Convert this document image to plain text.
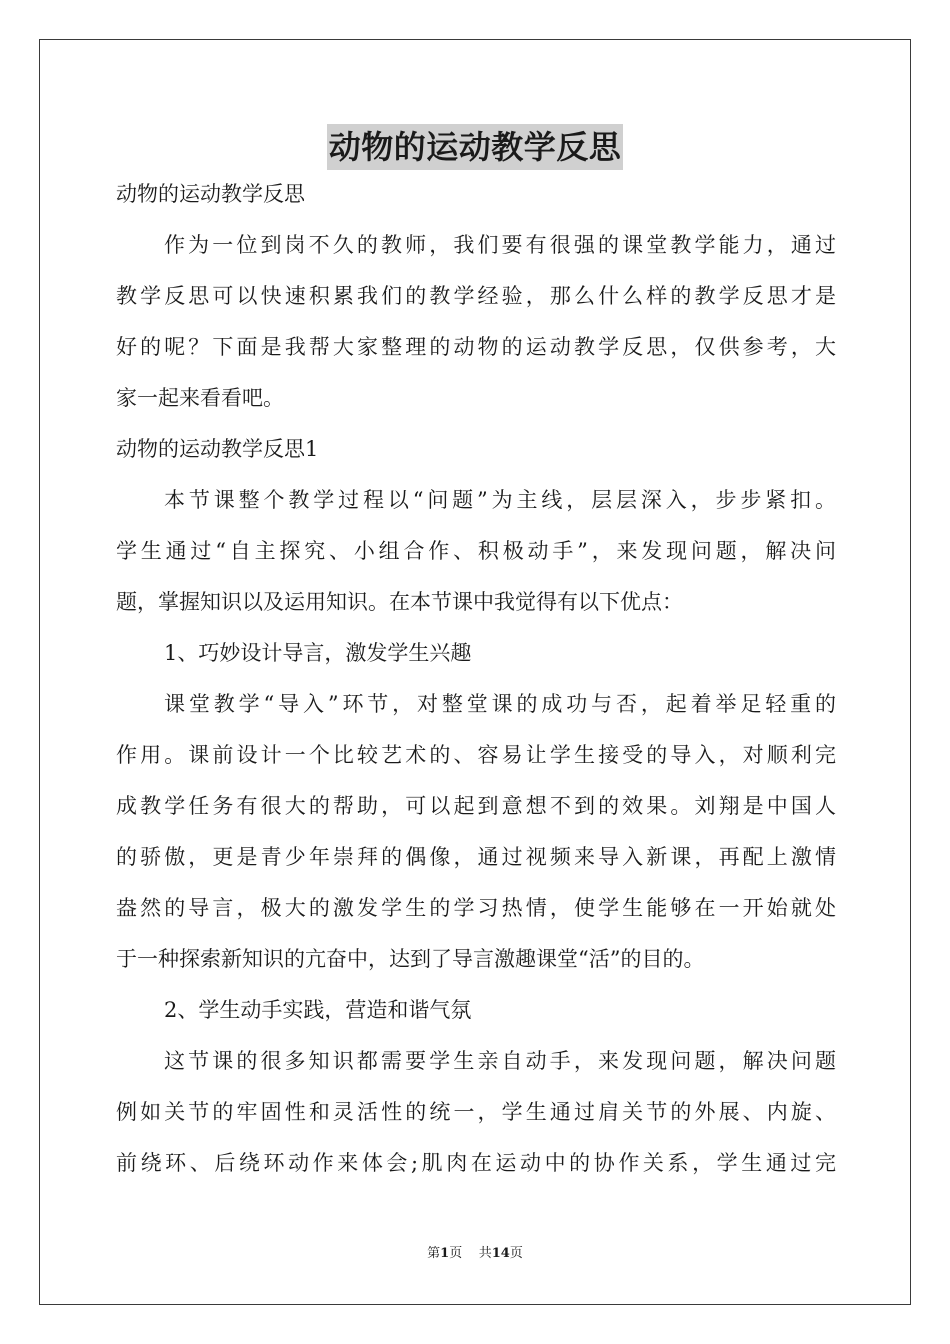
动物的运动教学反思
动物的运动教学反思
作为一位到岗不久的教师，我们要有很强的课堂教学能力，通过
教学反思可以快速积累我们的教学经验，那么什么样的教学反思才是
好的呢？下面是我帮大家整理的动物的运动教学反思，仅供参考，大
家一起来看看吧。
动物的运动教学反思1
本节课整个教学过程以“问题”为主线，层层深入，步步紧扣。
学生通过“自主探究、小组合作、积极动手”，来发现问题，解决问
题，掌握知识以及运用知识。在本节课中我觉得有以下优点：
1、巧妙设计导言，激发学生兴趣
课堂教学“导入”环节，对整堂课的成功与否，起着举足轻重的
作用。课前设计一个比较艺术的、容易让学生接受的导入，对顺利完
成教学任务有很大的帮助，可以起到意想不到的效果。刘翔是中国人
的骄傲，更是青少年崇拜的偶像，通过视频来导入新课，再配上激情
盎然的导言，极大的激发学生的学习热情，使学生能够在一开始就处
于一种探索新知识的亢奋中，达到了导言激趣课堂“活”的目的。
2、学生动手实践，营造和谐气氛
这节课的很多知识都需要学生亲自动手，来发现问题，解决问题
例如关节的牢固性和灵活性的统一，学生通过肩关节的外展、内旋、
前绕环、后绕环动作来体会;肌肉在运动中的协作关系，学生通过完
第1页 共14页
